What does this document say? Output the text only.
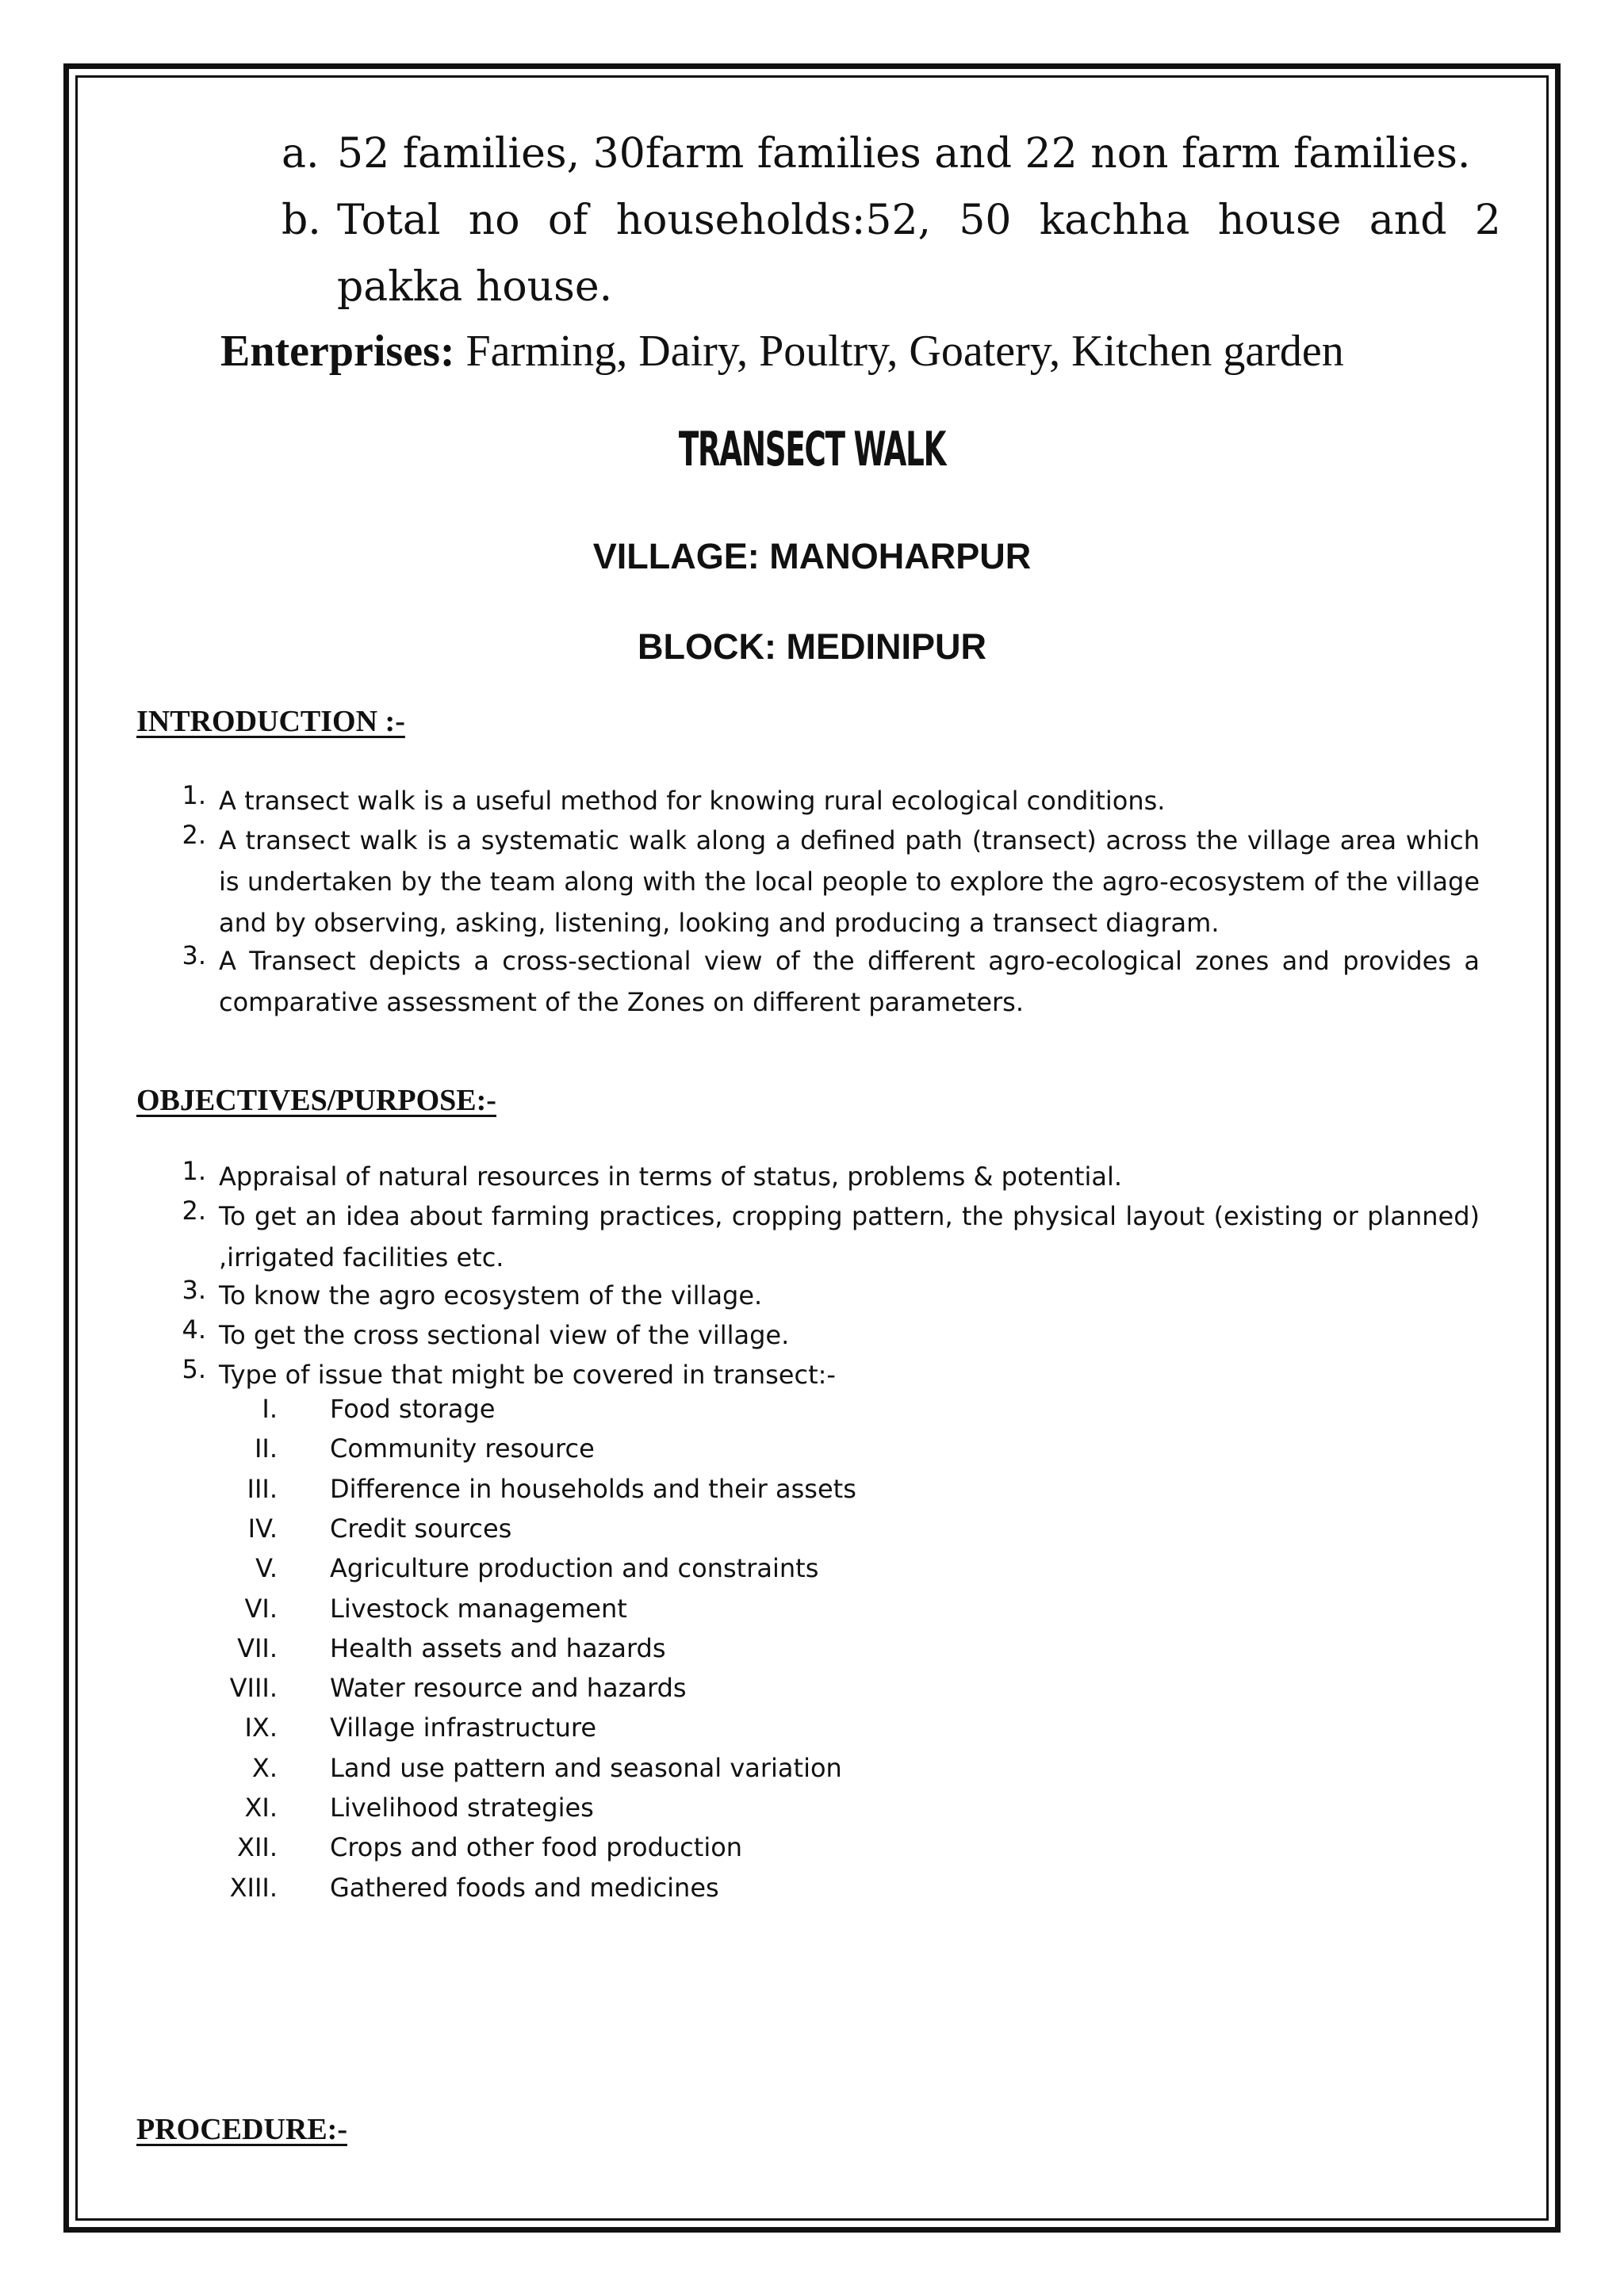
a. 52 families, 30farm families and 22 non farm families.
b. Total no of households:52, 50 kachha house and 2
pakka house.
Enterprises: Farming, Dairy, Poultry, Goatery, Kitchen garden
TRANSECT WALK
VILLAGE: MANOHARPUR
BLOCK: MEDINIPUR
INTRODUCTION :-
1. A transect walk is a useful method for knowing rural ecological conditions.
2. A transect walk is a systematic walk along a defined path (transect) across the village area which is undertaken by the team along with the local people to explore the agro-ecosystem of the village and by observing, asking, listening, looking and producing a transect diagram.
3. A Transect depicts a cross-sectional view of the different agro-ecological zones and provides a comparative assessment of the Zones on different parameters.
OBJECTIVES/PURPOSE:-
1. Appraisal of natural resources in terms of status, problems & potential.
2. To get an idea about farming practices, cropping pattern, the physical layout (existing or planned) ,irrigated facilities etc.
3. To know the agro ecosystem of the village.
4. To get the cross sectional view of the village.
5. Type of issue that might be covered in transect:-
I. Food storage
II. Community resource
III. Difference in households and their assets
IV. Credit sources
V. Agriculture production and constraints
VI. Livestock management
VII. Health assets and hazards
VIII. Water resource and hazards
IX. Village infrastructure
X. Land use pattern and seasonal variation
XI. Livelihood strategies
XII. Crops and other food production
XIII. Gathered foods and medicines
PROCEDURE:-
